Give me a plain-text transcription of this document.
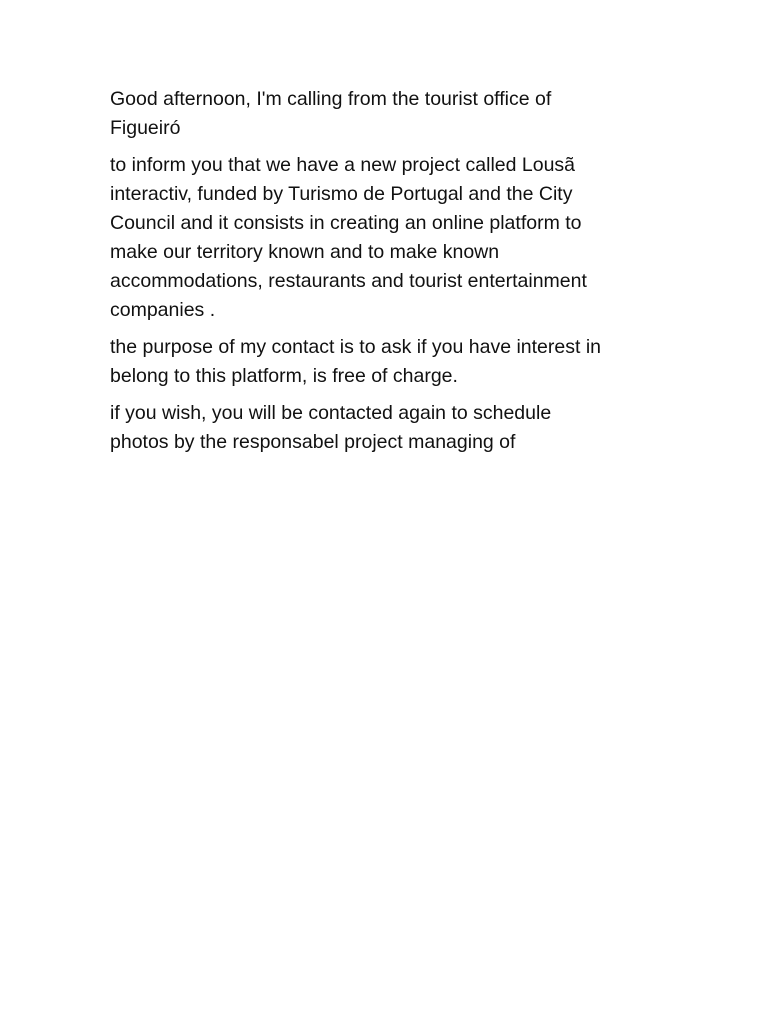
Good afternoon, I'm calling from the tourist office of
Figueiró

to inform you that we have a new project called Lousã
interactiv, funded by Turismo de Portugal and the City
Council and it consists in creating an online platform to
make our territory known and to make known
accommodations, restaurants and tourist entertainment
companies .

the purpose of my contact is to ask if you have interest in
belong to this platform, is free of charge.

if you wish, you will be contacted again to schedule
photos by the responsabel project managing of
